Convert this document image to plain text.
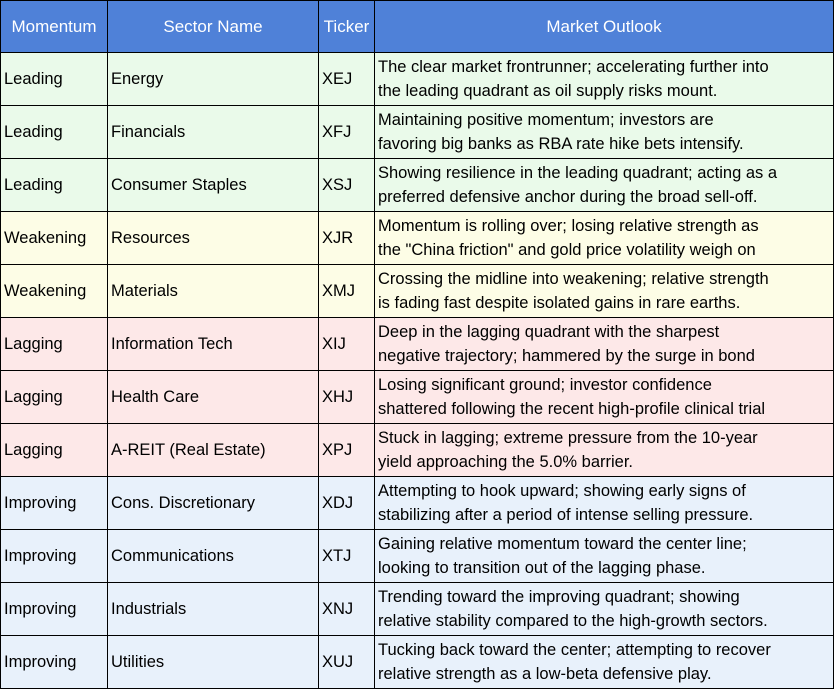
Momentum	Sector Name	Ticker	Market Outlook
Leading	Energy	XEJ	The clear market frontrunner; accelerating further into
the leading quadrant as oil supply risks mount.

Leading	Financials	XFJ	Maintaining positive momentum; investors are
favoring big banks as RBA rate hike bets intensify.

Leading	Consumer Staples	XSJ	Showing resilience in the leading quadrant; acting as a
preferred defensive anchor during the broad sell-off.

Weakening	Resources	XJR	Momentum is rolling over; losing relative strength as
the "China friction" and gold price volatility weigh on

Weakening	Materials	XMJ	Crossing the midline into weakening; relative strength
is fading fast despite isolated gains in rare earths.

Lagging	Information Tech	XIJ	Deep in the lagging quadrant with the sharpest
negative trajectory; hammered by the surge in bond

Lagging	Health Care	XHJ	Losing significant ground; investor confidence
shattered following the recent high-profile clinical trial

Lagging	A-REIT (Real Estate)	XPJ	Stuck in lagging; extreme pressure from the 10-year
yield approaching the 5.0% barrier.

Improving	Cons. Discretionary	XDJ	Attempting to hook upward; showing early signs of
stabilizing after a period of intense selling pressure.

Improving	Communications	XTJ	Gaining relative momentum toward the center line;
looking to transition out of the lagging phase.

Improving	Industrials	XNJ	Trending toward the improving quadrant; showing
relative stability compared to the high-growth sectors.

Improving	Utilities	XUJ	Tucking back toward the center; attempting to recover
relative strength as a low-beta defensive play.
